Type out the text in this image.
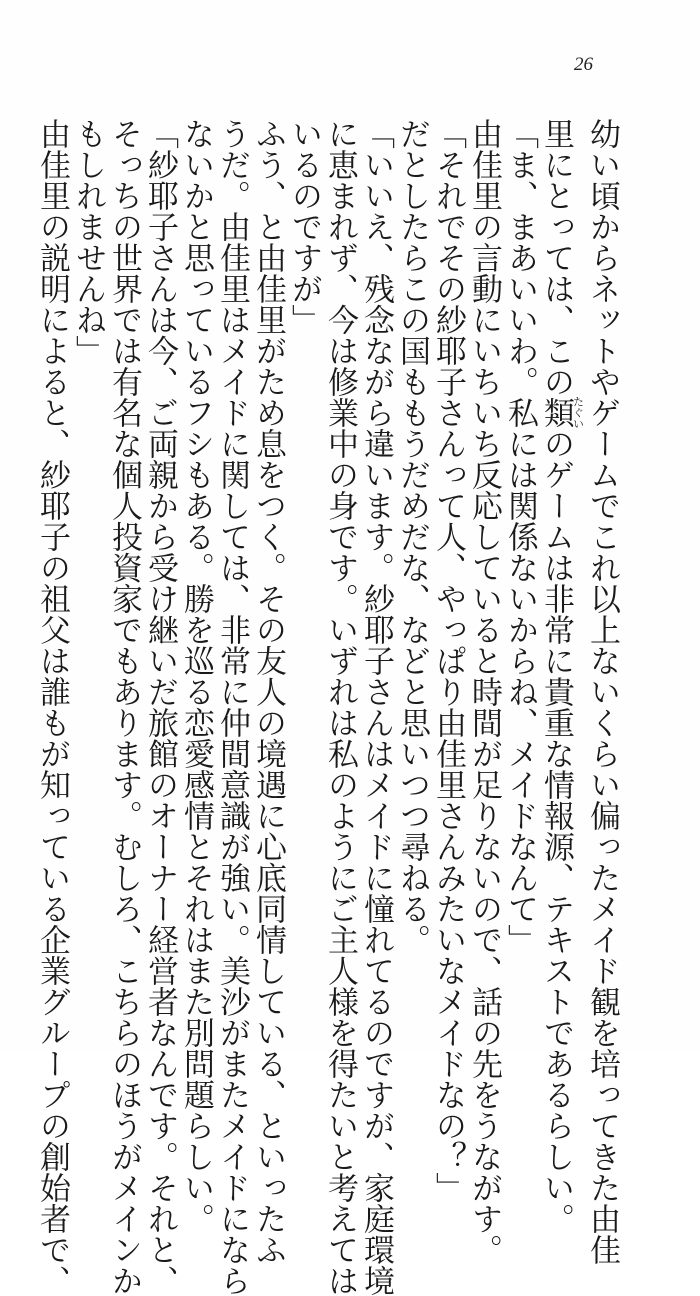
26
幼い頃からネットやゲームでこれ以上ないくらい偏ったメイド観を培ってきた由佳
里にとっては、この類たぐいのゲームは非常に貴重な情報源、テキストであるらしい。
「ま、まあいいわ。私には関係ないからね、メイドなんて」
由佳里の言動にいちいち反応していると時間が足りないので、話の先をうながす。
「それでその紗耶子さんって人、やっぱり由佳里さんみたいなメイドなの？」
だとしたらこの国ももうだめだな、などと思いつつ尋ねる。
「いいえ、残念ながら違います。紗耶子さんはメイドに憧れてるのですが、家庭環境
に恵まれず、今は修業中の身です。いずれは私のようにご主人様を得たいと考えては
いるのですが」
ふう、と由佳里がため息をつく。その友人の境遇に心底同情している、といったふ
うだ。由佳里はメイドに関しては、非常に仲間意識が強い。美沙がまたメイドになら
ないかと思っているフシもある。勝を巡る恋愛感情とそれはまた別問題らしい。
「紗耶子さんは今、ご両親から受け継いだ旅館のオーナー経営者なんです。それと、
そっちの世界では有名な個人投資家でもあります。むしろ、こちらのほうがメインか
もしれませんね」
由佳里の説明によると、紗耶子の祖父は誰もが知っている企業グループの創始者で、
